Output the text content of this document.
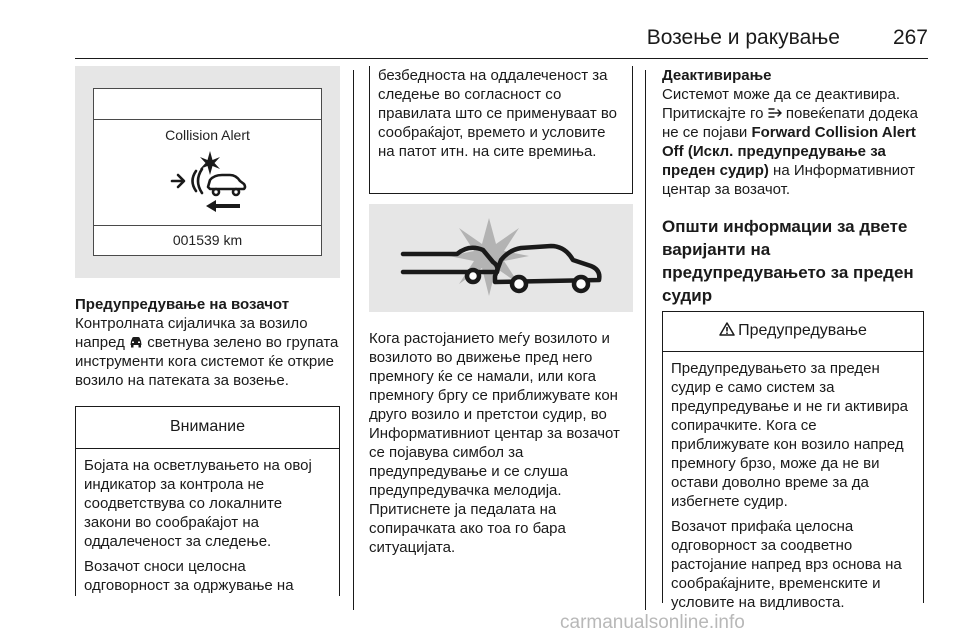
Возење и ракување	267
Collision Alert
001539 km
Предупредување на возачот
Контролната сијаличка за возило напред светнува зелено во групата инструменти кога системот ќе открие возило на патеката за возење.
Внимание
Бојата на осветлувањето на овој индикатор за контрола не соодветствува со локалните закони во сообраќајот на оддалеченост за следење.
Возачот сноси целосна одговорност за одржување на
безбедноста на оддалеченост за следење во согласност со правилата што се применуваат во сообраќајот, времето и условите на патот итн. на сите времиња.
Кога растојанието меѓу возилото и возилото во движење пред него премногу ќе се намали, или кога премногу бргу се приближувате кон друго возило и претстои судир, во Информативниот центар за возачот се појавува симбол за предупредување и се слуша предупредувачка мелодија. Притиснете ја педалата на сопирачката ако тоа го бара ситуацијата.
Деактивирање
Системот може да се деактивира. Притискајте го повеќепати додека не се појави Forward Collision Alert Off (Искл. предупредување за преден судир) на Информативниот центар за возачот.
Општи информации за двете варијанти на предупредувањето за преден судир
Предупредување
Предупредувањето за преден судир е само систем за предупредување и не ги активира сопирачките. Кога се приближувате кон возило напред премногу брзо, може да не ви остави доволно време за да избегнете судир.
Возачот прифаќа целосна одговорност за соодветно растојание напред врз основа на сообраќајните, временските и условите на видливоста.
carmanualsonline.info
